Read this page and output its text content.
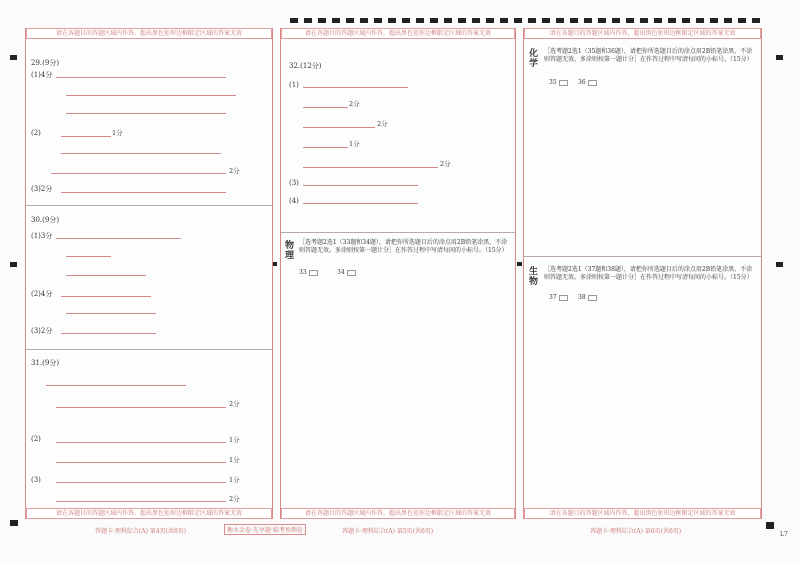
请在各题目的答题区域内作答，超出黑色矩形边框限定区域的答案无效
29.(9分)
(1)4分
(2)	1分
2分
(3)2分
30.(9分)
(1)3分
(2)4分
(3)2分
31.(9分)
2分
(2)	1分
1分
(3)	1分
2分
请在各题目的答题区域内作答，超出黑色矩形边框限定区域的答案无效
请在各题目的答题区域内作答，超出黑色矩形边框限定区域的答案无效
32.(12分)
(1)
2分
2分
1分
2分
(3)
(4)
物理
［选考题2选1（33题和34题），请把你所选题目后的涂点用2B铅笔涂黑，不涂则答题无效。多涂则按第一题计分］在作答过程中写清每问的小标号。（15分）
33	34
请在各题目的答题区域内作答，超出黑色矩形边框限定区域的答案无效
请在各题目的答题区域内作答，超出黑色矩形边框限定区域的答案无效
化学
［选考题2选1（35题和36题），请把你所选题目后的涂点用2B铅笔涂黑，不涂则答题无效。多涂则按第一题计分］在作答过程中写清每问的小标号。（15分）
35	36
生物
［选考题2选1（37题和38题），请把你所选题目后的涂点用2B铅笔涂黑，不涂则答题无效。多涂则按第一题计分］在作答过程中写清每问的小标号。（15分）
37	38
请在各题目的答题区域内作答，超出黑色矩形边框限定区域的答案无效
答题卡·理科综合(A) 第4页(共6页)	衡水金卷·先享题·临考预测卷	答题卡·理科综合(A) 第5页(共6页)	答题卡·理科综合(A) 第6页(共6页)	L7
